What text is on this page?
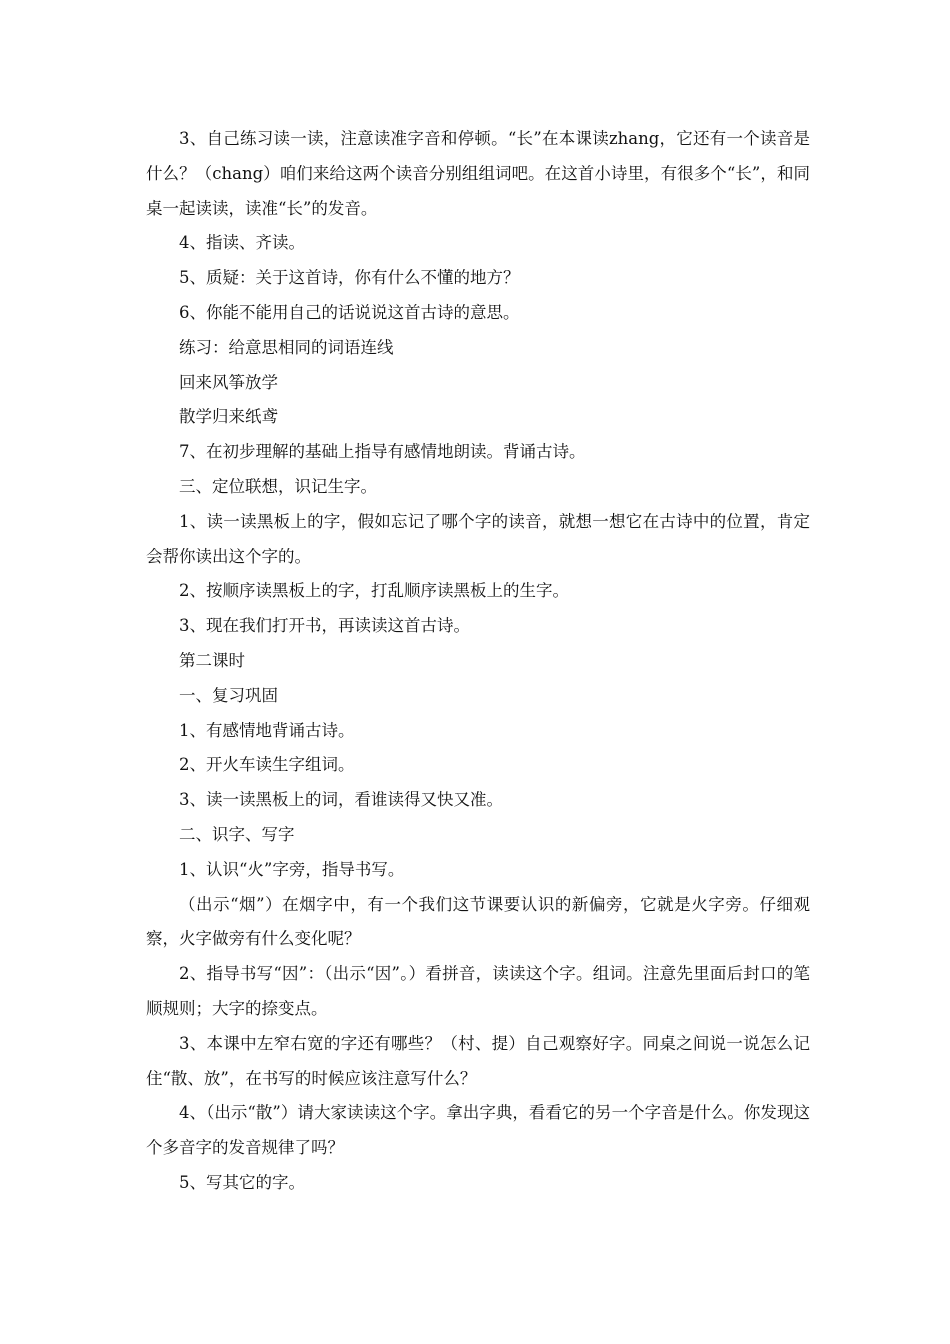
3、自己练习读一读，注意读准字音和停顿。“长”在本课读zhang，它还有一个读音是什么？（chang）咱们来给这两个读音分别组组词吧。在这首小诗里，有很多个“长”，和同桌一起读读，读准“长”的发音。

4、指读、齐读。

5、质疑：关于这首诗，你有什么不懂的地方？

6、你能不能用自己的话说说这首古诗的意思。

练习：给意思相同的词语连线

回来风筝放学

散学归来纸鸢

7、在初步理解的基础上指导有感情地朗读。背诵古诗。

三、定位联想，识记生字。

1、读一读黑板上的字，假如忘记了哪个字的读音，就想一想它在古诗中的位置，肯定会帮你读出这个字的。

2、按顺序读黑板上的字，打乱顺序读黑板上的生字。

3、现在我们打开书，再读读这首古诗。

第二课时

一、复习巩固

1、有感情地背诵古诗。

2、开火车读生字组词。

3、读一读黑板上的词，看谁读得又快又准。

二、识字、写字

1、认识“火”字旁，指导书写。

（出示“烟”）在烟字中，有一个我们这节课要认识的新偏旁，它就是火字旁。仔细观察，火字做旁有什么变化呢？

2、指导书写“因”：（出示“因”。）看拼音，读读这个字。组词。注意先里面后封口的笔顺规则；大字的捺变点。

3、本课中左窄右宽的字还有哪些？（村、提）自己观察好字。同桌之间说一说怎么记住“散、放”，在书写的时候应该注意写什么？

4、（出示“散”）请大家读读这个字。拿出字典，看看它的另一个字音是什么。你发现这个多音字的发音规律了吗？

5、写其它的字。
